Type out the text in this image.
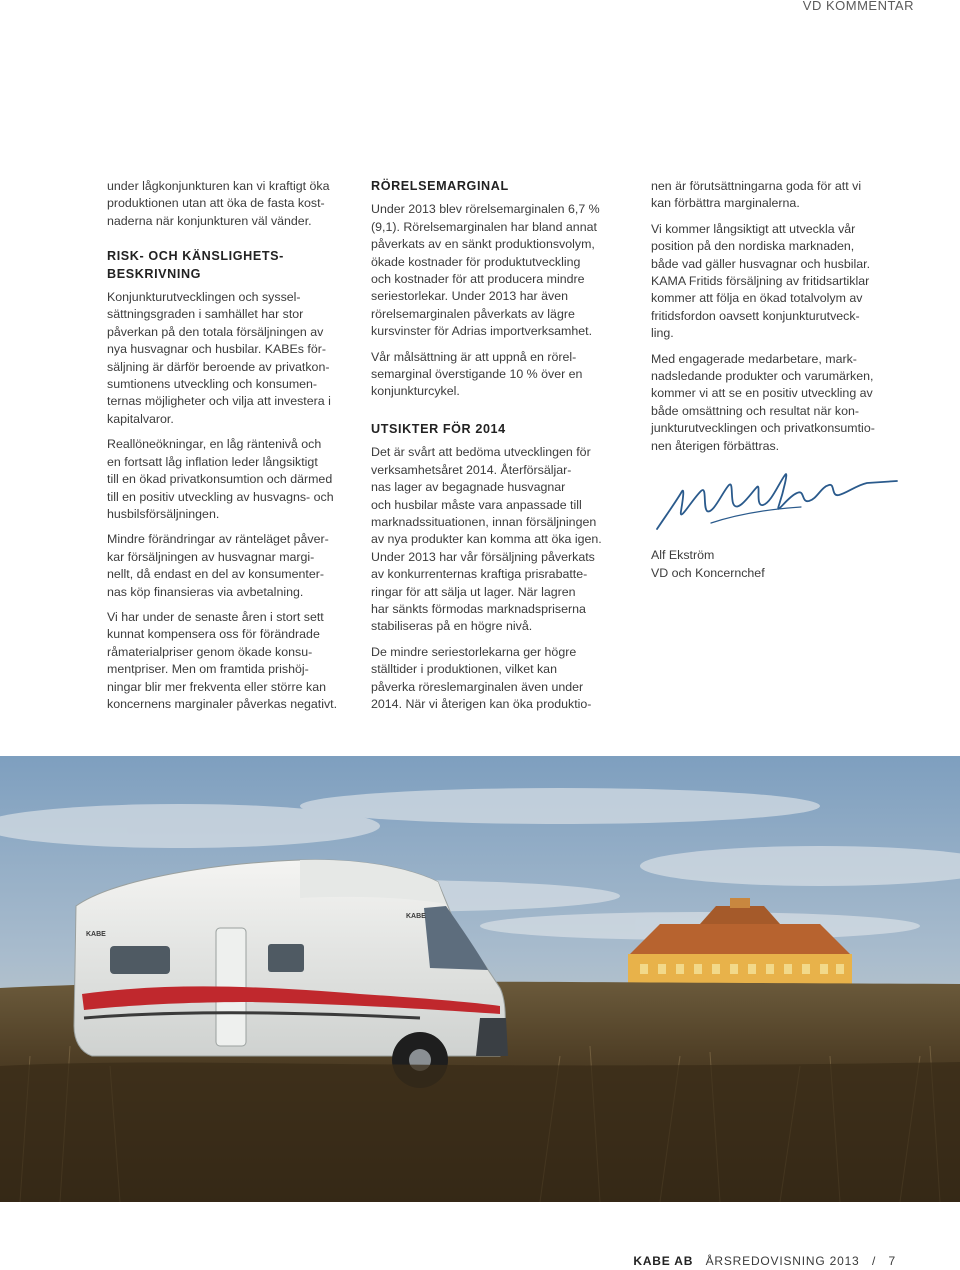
VD KOMMENTAR

under lågkonjunkturen kan vi kraftigt öka
produktionen utan att öka de fasta kost-
naderna när konjunkturen väl vänder.

RISK- OCH KÄNSLIGHETS-
BESKRIVNING

Konjunkturutvecklingen och syssel-
sättningsgraden i samhället har stor
påverkan på den totala försäljningen av
nya husvagnar och husbilar. KABEs för-
säljning är därför beroende av privatkon-
sumtionens utveckling och konsumen-
ternas möjligheter och vilja att investera i
kapitalvaror.

Reallöneökningar, en låg räntenivå och
en fortsatt låg inflation leder långsiktigt
till en ökad privatkonsumtion och därmed
till en positiv utveckling av husvagns- och
husbilsförsäljningen.

Mindre förändringar av ränteläget påver-
kar försäljningen av husvagnar margi-
nellt, då endast en del av konsumenter-
nas köp finansieras via avbetalning.

Vi har under de senaste åren i stort sett
kunnat kompensera oss för förändrade
råmaterialpriser genom ökade konsu-
mentpriser. Men om framtida prishöj-
ningar blir mer frekventa eller större kan
koncernens marginaler påverkas negativt.

RÖRELSEMARGINAL

Under 2013 blev rörelsemarginalen 6,7 %
(9,1). Rörelsemarginalen har bland annat
påverkats av en sänkt produktionsvolym,
ökade kostnader för produktutveckling
och kostnader för att producera mindre
seriestorlekar. Under 2013 har även
rörelsemarginalen påverkats av lägre
kursvinster för Adrias importverksamhet.

Vår målsättning är att uppnå en rörel-
semarginal överstigande 10 % över en
konjunkturcykel.

UTSIKTER FÖR 2014

Det är svårt att bedöma utvecklingen för
verksamhetsåret 2014. Återförsäljar-
nas lager av begagnade husvagnar
och husbilar måste vara anpassade till
marknadssituationen, innan försäljningen
av nya produkter kan komma att öka igen.
Under 2013 har vår försäljning påverkats
av konkurrenternas kraftiga prisrabatte-
ringar för att sälja ut lager. När lagren
har sänkts förmodas marknadspriserna
stabiliseras på en högre nivå.

De mindre seriestorlekarna ger högre
ställtider i produktionen, vilket kan
påverka röreslemarginalen även under
2014. När vi återigen kan öka produktio-

nen är förutsättningarna goda för att vi
kan förbättra marginalerna.

Vi kommer långsiktigt att utveckla vår
position på den nordiska marknaden,
både vad gäller husvagnar och husbilar.
KAMA Fritids försäljning av fritidsartiklar
kommer att följa en ökad totalvolym av
fritidsfordon oavsett konjunkturutveck-
ling.

Med engagerade medarbetare, mark-
nadsledande produkter och varumärken,
kommer vi att se en positiv utveckling av
både omsättning och resultat när kon-
junkturutvecklingen och privatkonsumtio-
nen återigen förbättras.

Alf Ekström

VD och Koncernchef

KABE
KABE
KABE AB ÅRSREDOVISNING 2013 / 7
